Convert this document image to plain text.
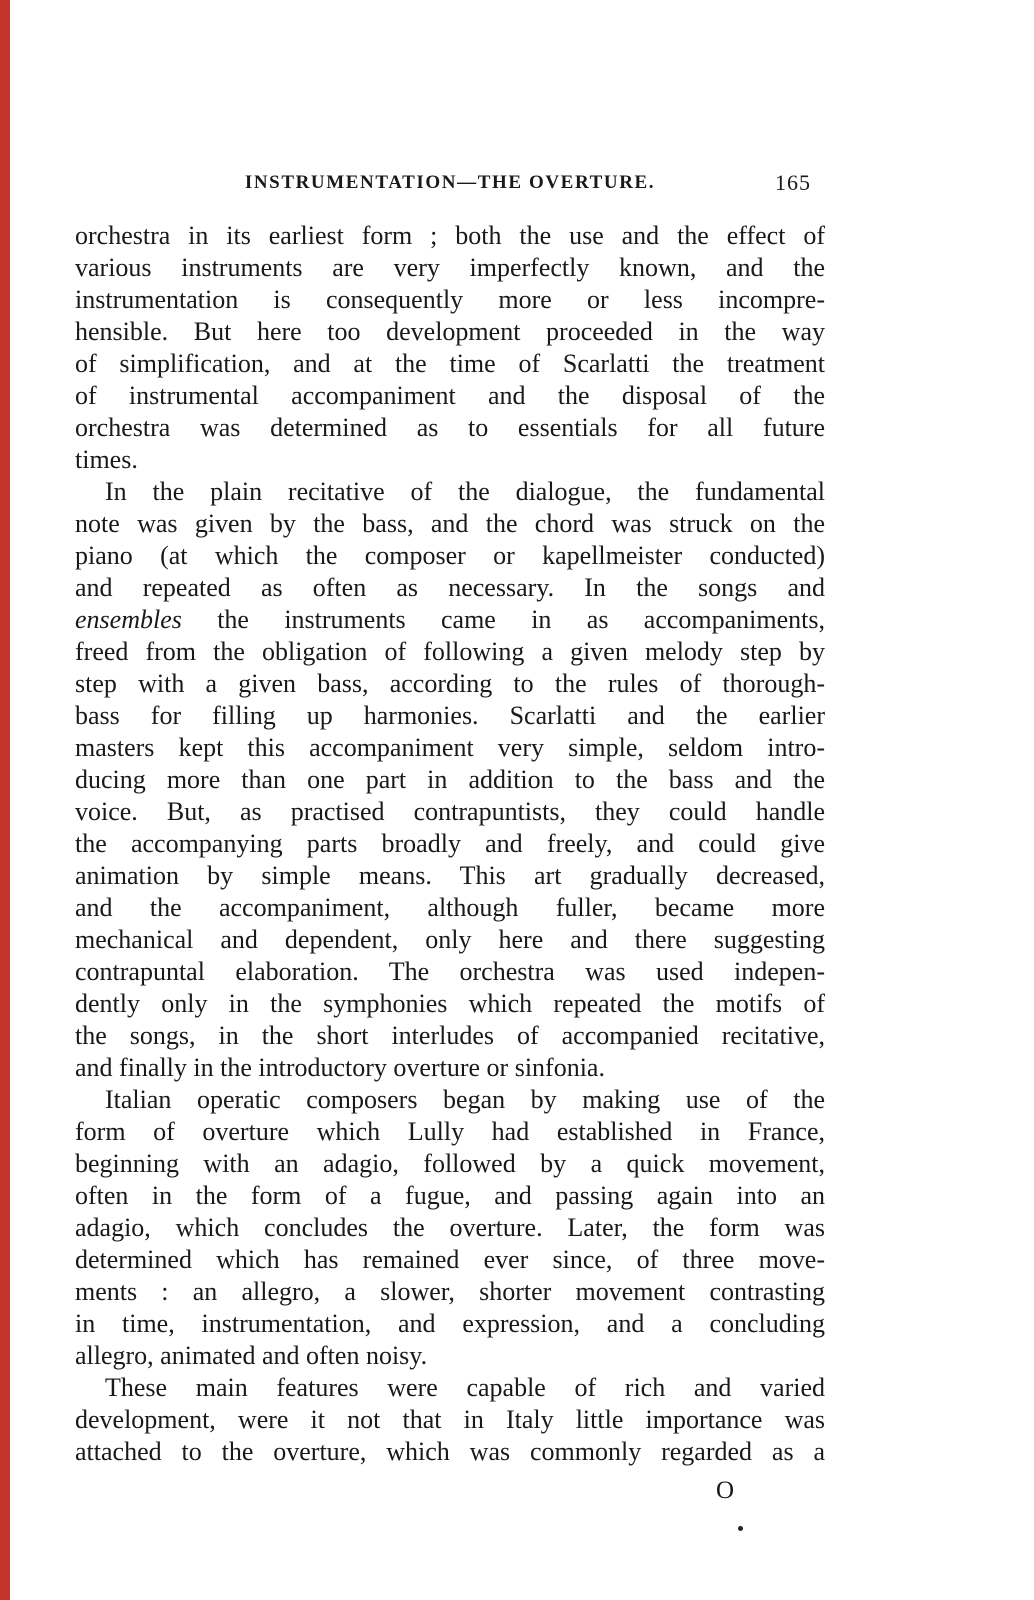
INSTRUMENTATION—THE OVERTURE.	165
orchestra in its earliest form ; both the use and the effect of
various instruments are very imperfectly known, and the
instrumentation is consequently more or less incompre-
hensible. But here too development proceeded in the way
of simplification, and at the time of Scarlatti the treatment
of instrumental accompaniment and the disposal of the
orchestra was determined as to essentials for all future
times.
In the plain recitative of the dialogue, the fundamental
note was given by the bass, and the chord was struck on the
piano (at which the composer or kapellmeister conducted)
and repeated as often as necessary. In the songs and
ensembles the instruments came in as accompaniments,
freed from the obligation of following a given melody step by
step with a given bass, according to the rules of thorough-
bass for filling up harmonies. Scarlatti and the earlier
masters kept this accompaniment very simple, seldom intro-
ducing more than one part in addition to the bass and the
voice. But, as practised contrapuntists, they could handle
the accompanying parts broadly and freely, and could give
animation by simple means. This art gradually decreased,
and the accompaniment, although fuller, became more
mechanical and dependent, only here and there suggesting
contrapuntal elaboration. The orchestra was used indepen-
dently only in the symphonies which repeated the motifs of
the songs, in the short interludes of accompanied recitative,
and finally in the introductory overture or sinfonia.
Italian operatic composers began by making use of the
form of overture which Lully had established in France,
beginning with an adagio, followed by a quick movement,
often in the form of a fugue, and passing again into an
adagio, which concludes the overture. Later, the form was
determined which has remained ever since, of three move-
ments : an allegro, a slower, shorter movement contrasting
in time, instrumentation, and expression, and a concluding
allegro, animated and often noisy.
These main features were capable of rich and varied
development, were it not that in Italy little importance was
attached to the overture, which was commonly regarded as a
O
